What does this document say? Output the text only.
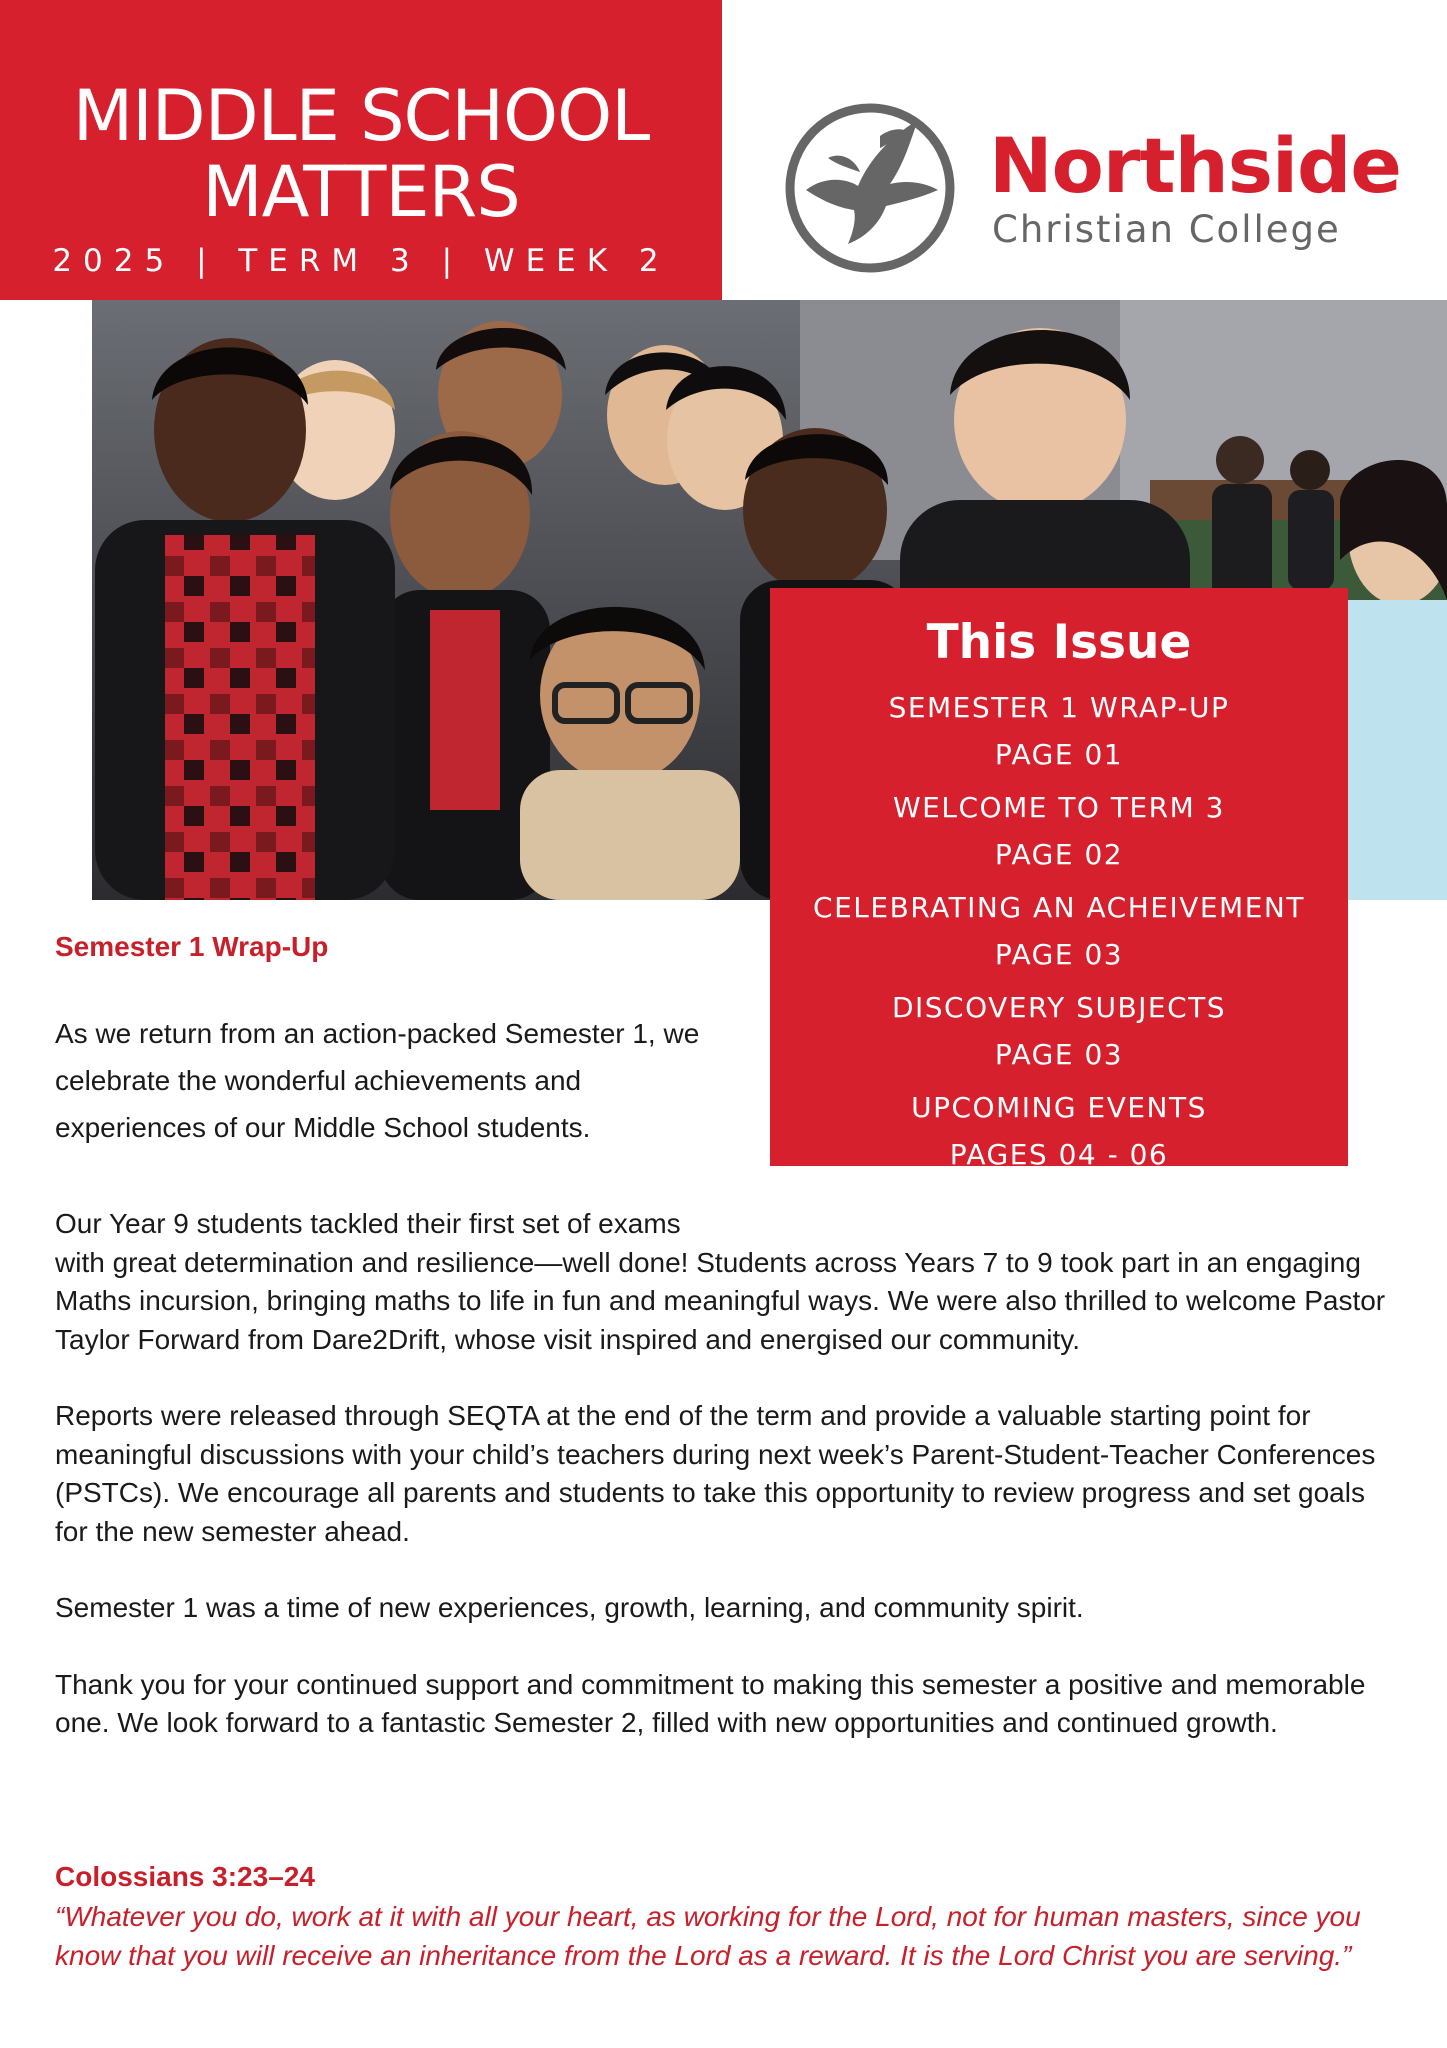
MIDDLE SCHOOL
MATTERS
2025 | TERM 3 | WEEK 2
Northside
Christian College
This Issue
SEMESTER 1 WRAP-UP
PAGE 01
WELCOME TO TERM 3
PAGE 02
CELEBRATING AN ACHEIVEMENT
PAGE 03
DISCOVERY SUBJECTS
PAGE 03
UPCOMING EVENTS
PAGES 04 - 06
Semester 1 Wrap-Up

As we return from an action-packed Semester 1, we

celebrate the wonderful achievements and

experiences of our Middle School students.

Our Year 9 students tackled their first set of exams
with great determination and resilience—well done! Students across Years 7 to 9 took part in an engaging Maths incursion, bringing maths to life in fun and meaningful ways. We were also thrilled to welcome Pastor Taylor Forward from Dare2Drift, whose visit inspired and energised our community.

Reports were released through SEQTA at the end of the term and provide a valuable starting point for meaningful discussions with your child’s teachers during next week’s Parent-Student-Teacher Conferences (PSTCs). We encourage all parents and students to take this opportunity to review progress and set goals for the new semester ahead.

Semester 1 was a time of new experiences, growth, learning, and community spirit.

Thank you for your continued support and commitment to making this semester a positive and memorable one. We look forward to a fantastic Semester 2, filled with new opportunities and continued growth.

Colossians 3:23–24
“Whatever you do, work at it with all your heart, as working for the Lord, not for human masters, since you know that you will receive an inheritance from the Lord as a reward. It is the Lord Christ you are serving.”
